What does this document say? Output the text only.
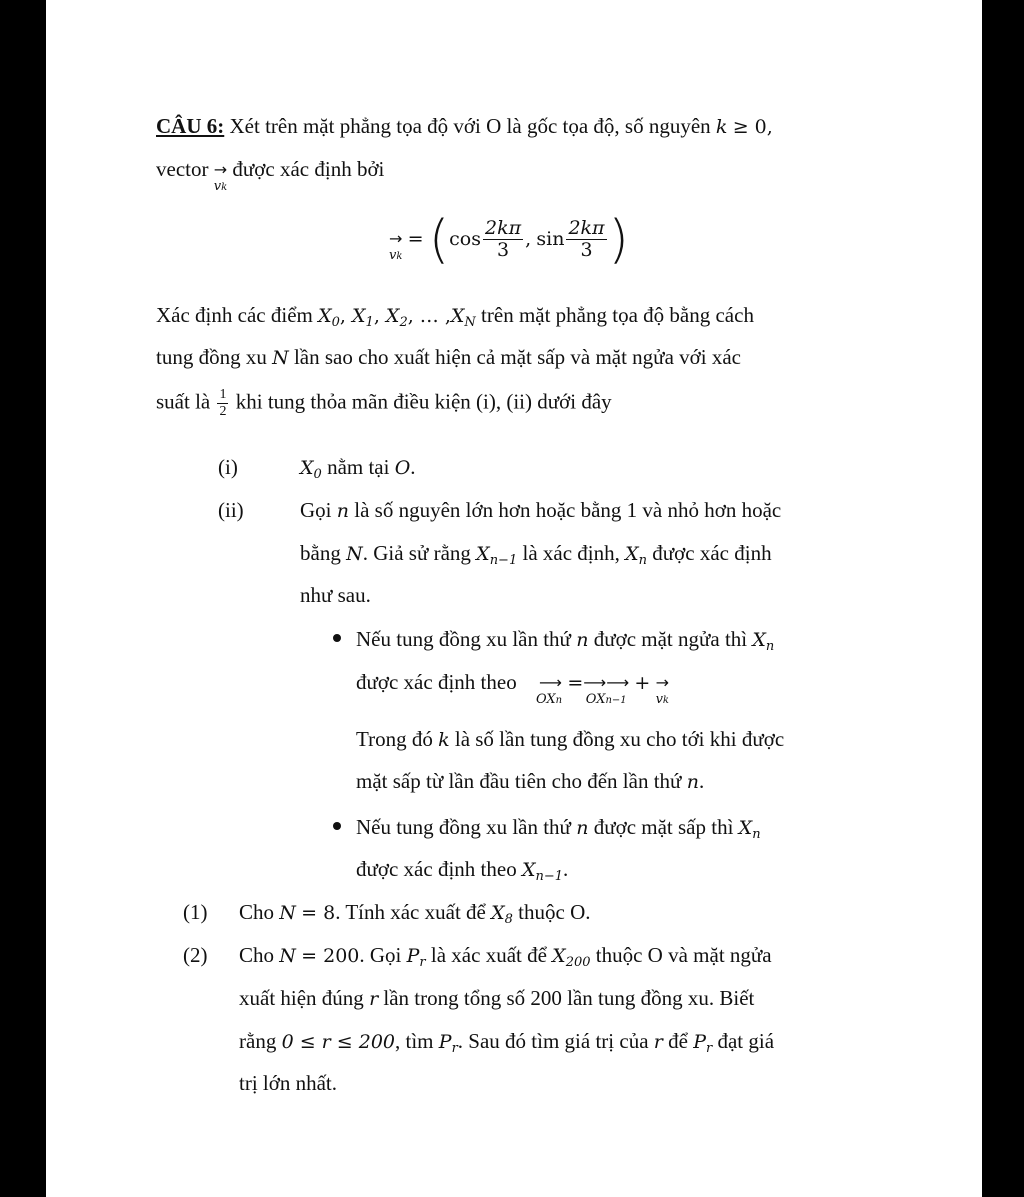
CÂU 6: Xét trên mặt phẳng tọa độ với O là gốc tọa độ, số nguyên k ≥ 0,
vector →
vk
được xác định bởi
→
vk
= ($\cos \frac{2k\pi}{3}$ , $\sin \frac{2k\pi}{3}$ )
Xác định các điểm $X_0$, $X_1$, $X_2$, … $,X_N$ trên mặt phẳng tọa độ bằng cách
tung đồng xu N lần sao cho xuất hiện cả mặt sấp và mặt ngửa với xác
suất là $\frac{1}{2}$ khi tung thỏa mãn điều kiện (i), (ii) dưới đây
(i)	$X_0$ nằm tại O.
(ii)	Gọi n là số nguyên lớn hơn hoặc bằng 1 và nhỏ hơn hoặc
bằng N. Giả sử rằng $X_{n-1}$ là xác định, $X_n$ được xác định
như sau.
Nếu tung đồng xu lần thứ n được mặt ngửa thì $X_n$
được xác định theo ⟶
OXn
= ⟶⟶
OXn−1
+ →
vk
Trong đó k là số lần tung đồng xu cho tới khi được
mặt sấp từ lần đầu tiên cho đến lần thứ n.
Nếu tung đồng xu lần thứ n được mặt sấp thì $X_n$
được xác định theo $X_{n-1}$.
(1) Cho N = 8. Tính xác xuất để $X_8$ thuộc O.
(2) Cho N = 200. Gọi $P_r$ là xác xuất để $X_{200}$ thuộc O và mặt ngửa
xuất hiện đúng r lần trong tổng số 200 lần tung đồng xu. Biết
rằng 0 ≤ r ≤ 200, tìm $P_r$. Sau đó tìm giá trị của r để $P_r$ đạt giá
trị lớn nhất.
